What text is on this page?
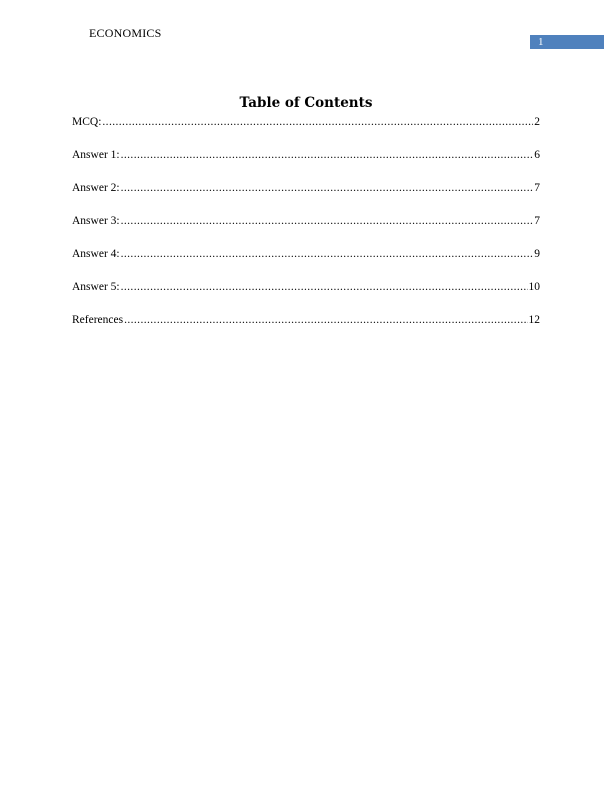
ECONOMICS
1
Table of Contents
MCQ: .....	2
Answer 1: .....	6
Answer 2: .....	7
Answer 3: .....	7
Answer 4: .....	9
Answer 5: .....	10
References .....	12
